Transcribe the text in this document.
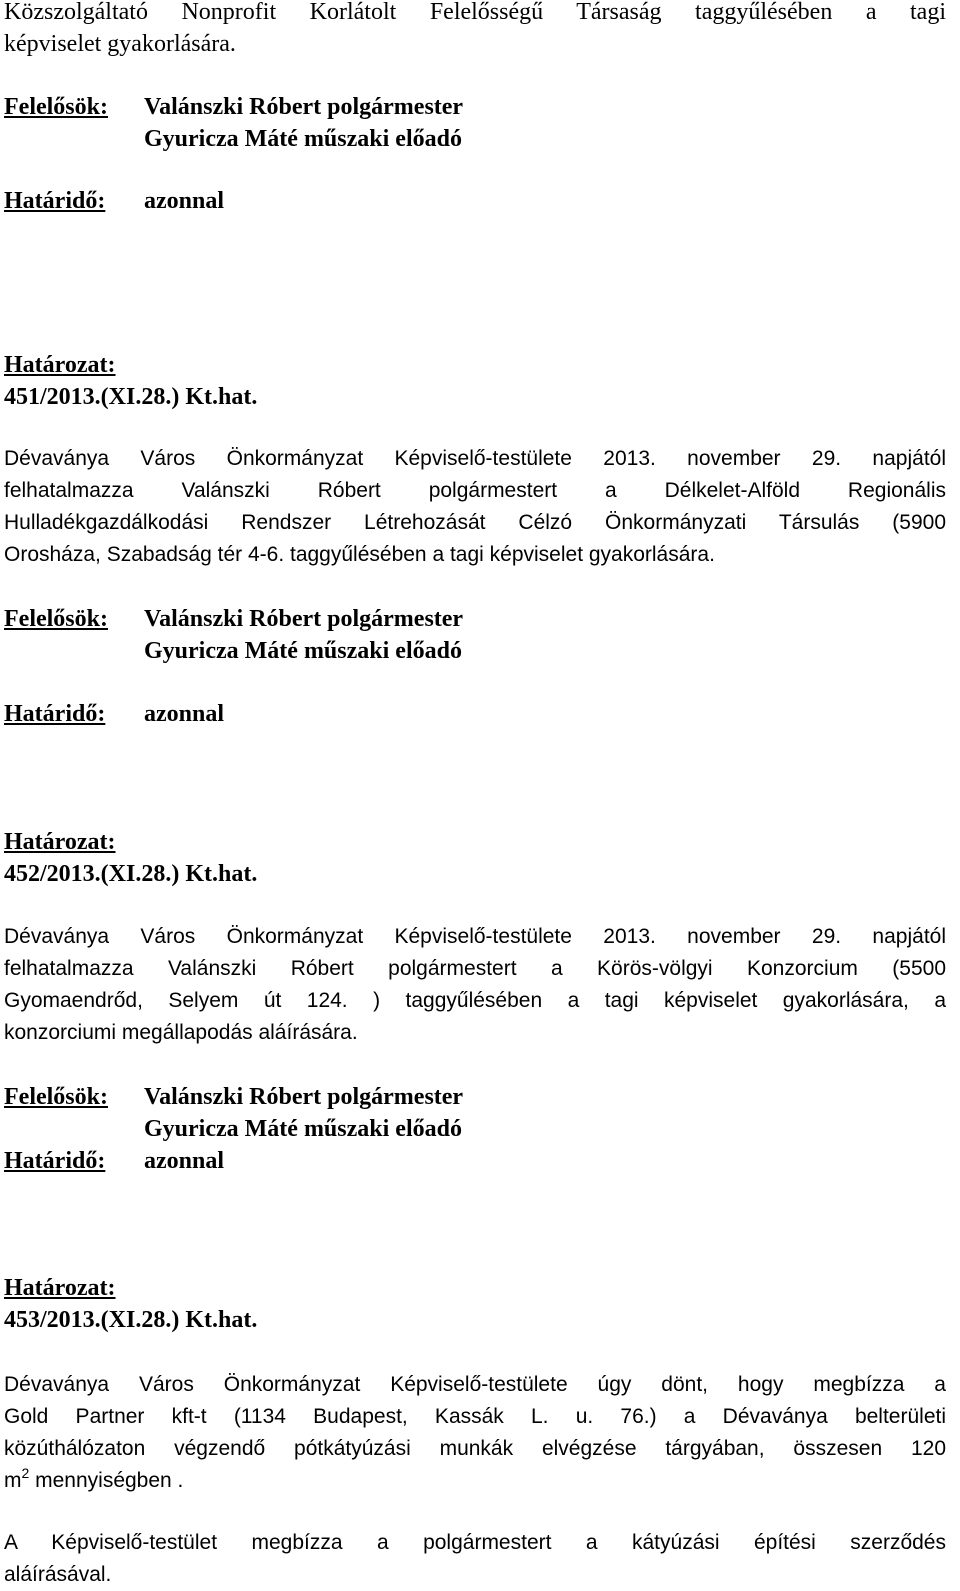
Közszolgáltató Nonprofit Korlátolt Felelősségű Társaság taggyűlésében a tagi
képviselet gyakorlására.
Felelősök: Valánszki Róbert polgármester
Gyuricza Máté műszaki előadó
Határidő: azonnal
Határozat:
451/2013.(XI.28.) Kt.hat.
Dévaványa Város Önkormányzat Képviselő-testülete 2013. november 29. napjától
felhatalmazza Valánszki Róbert polgármestert a Délkelet-Alföld Regionális
Hulladékgazdálkodási Rendszer Létrehozását Célzó Önkormányzati Társulás (5900
Orosháza, Szabadság tér 4-6. taggyűlésében a tagi képviselet gyakorlására.
Felelősök: Valánszki Róbert polgármester
Gyuricza Máté műszaki előadó
Határidő: azonnal
Határozat:
452/2013.(XI.28.) Kt.hat.
Dévaványa Város Önkormányzat Képviselő-testülete 2013. november 29. napjától
felhatalmazza Valánszki Róbert polgármestert a Körös-völgyi Konzorcium (5500
Gyomaendrőd, Selyem út 124. ) taggyűlésében a tagi képviselet gyakorlására, a
konzorciumi megállapodás aláírására.
Felelősök: Valánszki Róbert polgármester
Gyuricza Máté műszaki előadó
Határidő: azonnal
Határozat:
453/2013.(XI.28.) Kt.hat.
Dévaványa Város Önkormányzat Képviselő-testülete úgy dönt, hogy megbízza a
Gold Partner kft-t (1134 Budapest, Kassák L. u. 76.) a Dévaványa belterületi
közúthálózaton végzendő pótkátyúzási munkák elvégzése tárgyában, összesen 120
$m^2$ mennyiségben .
A Képviselő-testület megbízza a polgármestert a kátyúzási építési szerződés
aláírásával.
